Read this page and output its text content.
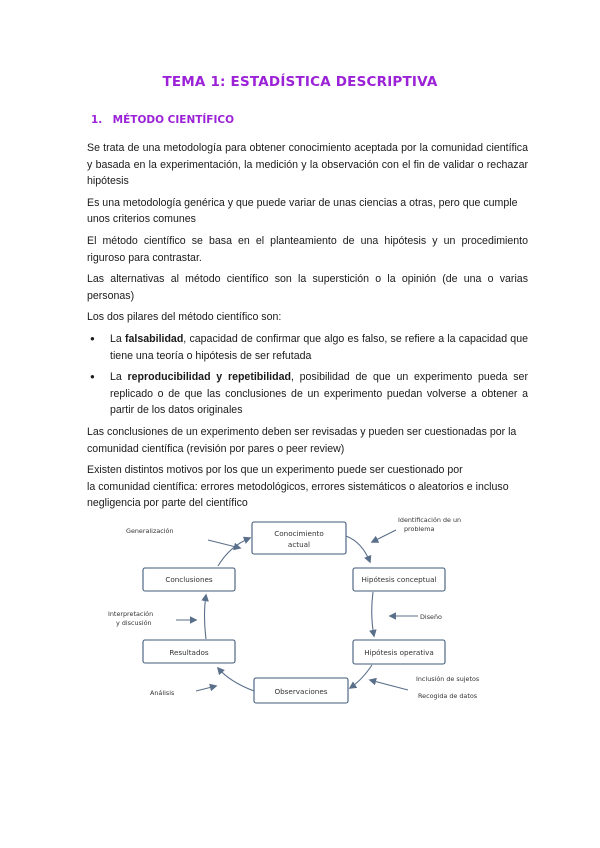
TEMA 1: ESTADÍSTICA DESCRIPTIVA
1. MÉTODO CIENTÍFICO

Se trata de una metodología para obtener conocimiento aceptada por la comunidad científica y basada en la experimentación, la medición y la observación con el fin de validar o rechazar hipótesis

Es una metodología genérica y que puede variar de unas ciencias a otras, pero que cumple unos criterios comunes

El método científico se basa en el planteamiento de una hipótesis y un procedimiento riguroso para contrastar.

Las alternativas al método científico son la superstición o la opinión (de una o varias personas)

Los dos pilares del método científico son:

● La falsabilidad, capacidad de confirmar que algo es falso, se refiere a la capacidad que tiene una teoría o hipótesis de ser refutada
● La reproducibilidad y repetibilidad, posibilidad de que un experimento pueda ser replicado o de que las conclusiones de un experimento puedan volverse a obtener a partir de los datos originales

Las conclusiones de un experimento deben ser revisadas y pueden ser cuestionadas por la comunidad científica (revisión por pares o peer review)

Existen distintos motivos por los que un experimento puede ser cuestionado por
la comunidad científica: errores metodológicos, errores sistemáticos o aleatorios e incluso negligencia por parte del científico

Conocimiento
actual
Hipótesis conceptual
Hipótesis operativa
Observaciones
Resultados
Conclusiones
Generalización
Identificación de un
problema
Diseño
Inclusión de sujetos
Recogida de datos
Análisis
Interpretación
y discusión
